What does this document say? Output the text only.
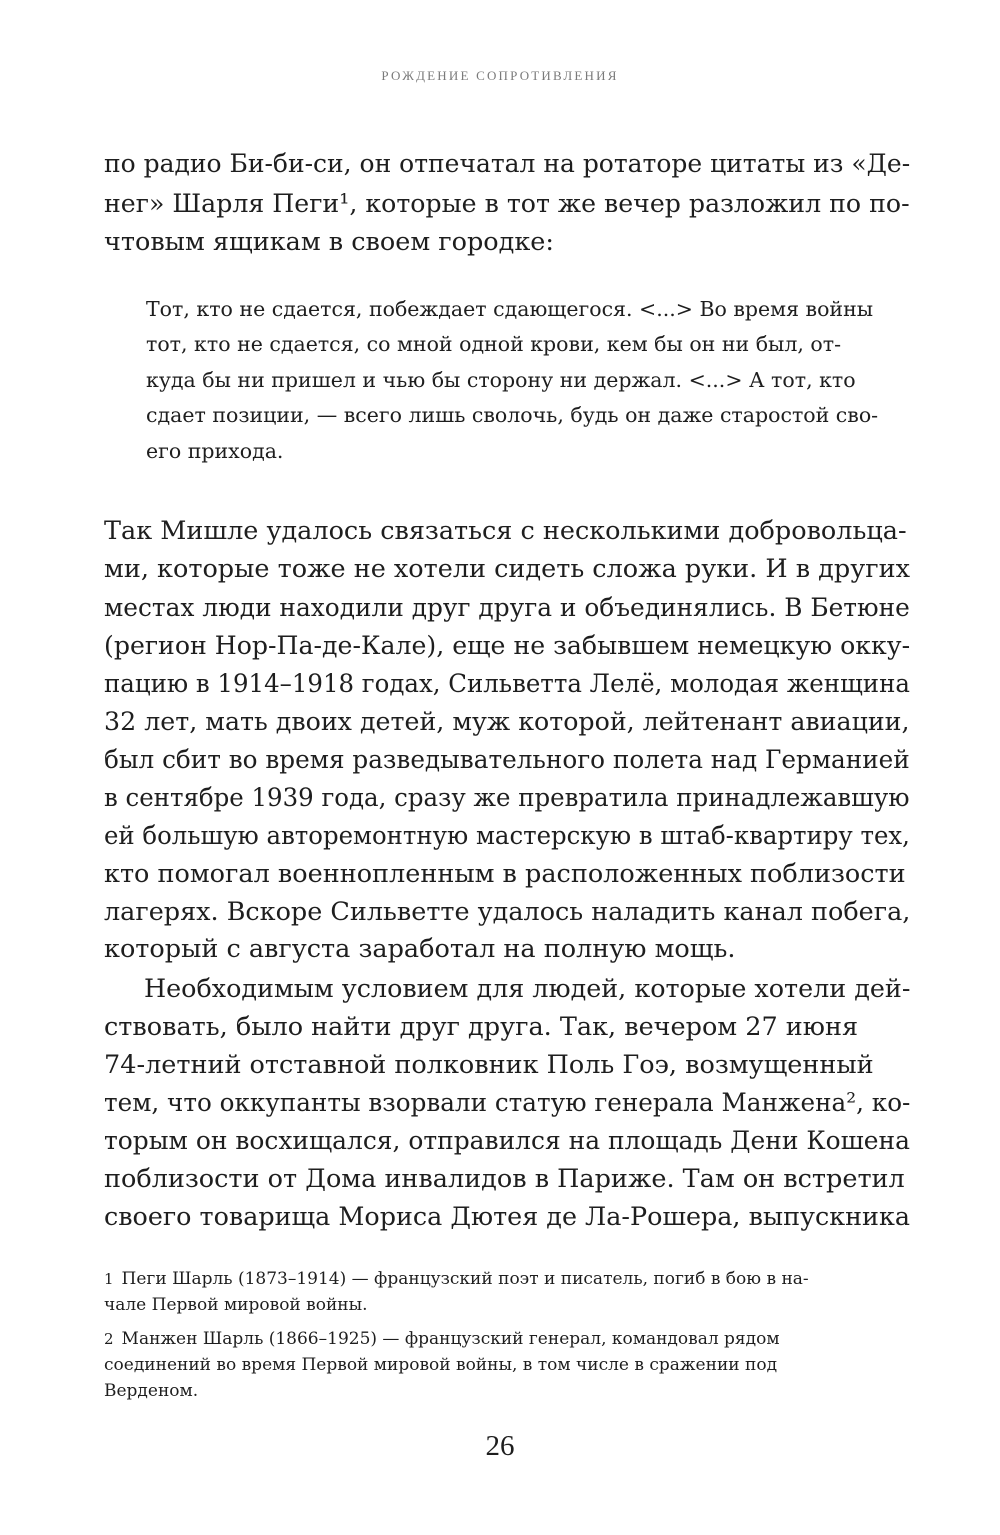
РОЖДЕНИЕ СОПРОТИВЛЕНИЯ
по радио Би-би-си, он отпечатал на ротаторе цитаты из «Де-
нег» Шарля Пеги¹, которые в тот же вечер разложил по по-
чтовым ящикам в своем городке:
Тот, кто не сдается, побеждает сдающегося. <...> Во время войны
тот, кто не сдается, со мной одной крови, кем бы он ни был, от-
куда бы ни пришел и чью бы сторону ни держал. <...> А тот, кто
сдает позиции, — всего лишь сволочь, будь он даже старостой сво-
его прихода.
Так Мишле удалось связаться с несколькими добровольца-
ми, которые тоже не хотели сидеть сложа руки. И в других
местах люди находили друг друга и объединялись. В Бетюне
(регион Нор-Па-де-Кале), еще не забывшем немецкую окку-
пацию в 1914–1918 годах, Сильветта Лелё, молодая женщина
32 лет, мать двоих детей, муж которой, лейтенант авиации,
был сбит во время разведывательного полета над Германией
в сентябре 1939 года, сразу же превратила принадлежавшую
ей большую авторемонтную мастерскую в штаб-квартиру тех,
кто помогал военнопленным в расположенных поблизости
лагерях. Вскоре Сильветте удалось наладить канал побега,
который с августа заработал на полную мощь.
Необходимым условием для людей, которые хотели дей-
ствовать, было найти друг друга. Так, вечером 27 июня
74-летний отставной полковник Поль Гоэ, возмущенный
тем, что оккупанты взорвали статую генерала Манжена², ко-
торым он восхищался, отправился на площадь Дени Кошена
поблизости от Дома инвалидов в Париже. Там он встретил
своего товарища Мориса Дютея де Ла-Рошера, выпускника
1 Пеги Шарль (1873–1914) — французский поэт и писатель, погиб в бою в на-
чале Первой мировой войны.
2 Манжен Шарль (1866–1925) — французский генерал, командовал рядом
соединений во время Первой мировой войны, в том числе в сражении под
Верденом.
26
